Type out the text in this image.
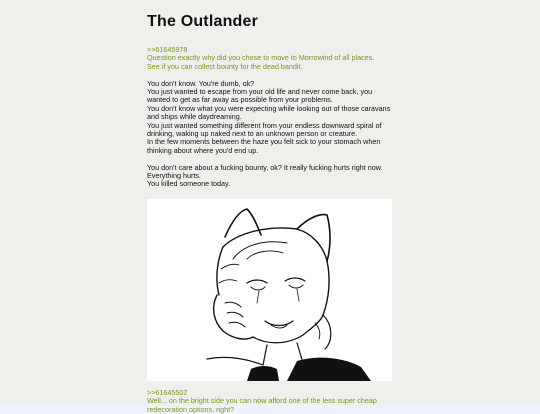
The Outlander
>>61645978
Question exactly why did you chose to move to Morrowind of all places.
See if you can collect bounty for the dead bandit.
You don't know. You're dumb, ok?
You just wanted to escape from your old life and never come back, you
wanted to get as far away as possible from your problems.
You don't know what you were expecting while looking out of those caravans
and ships while daydreaming.
You just wanted something different from your endless downward spiral of
drinking, waking up naked next to an unknown person or creature.
In the few moments between the haze you felt sick to your stomach when
thinking about where you'd end up.
You don't care about a fucking bounty, ok? It really fucking hurts right now.
Everything hurts.
You killed someone today.
>>61645502
Well... on the bright side you can now afford one of the less super cheap
redecoration options, right?
